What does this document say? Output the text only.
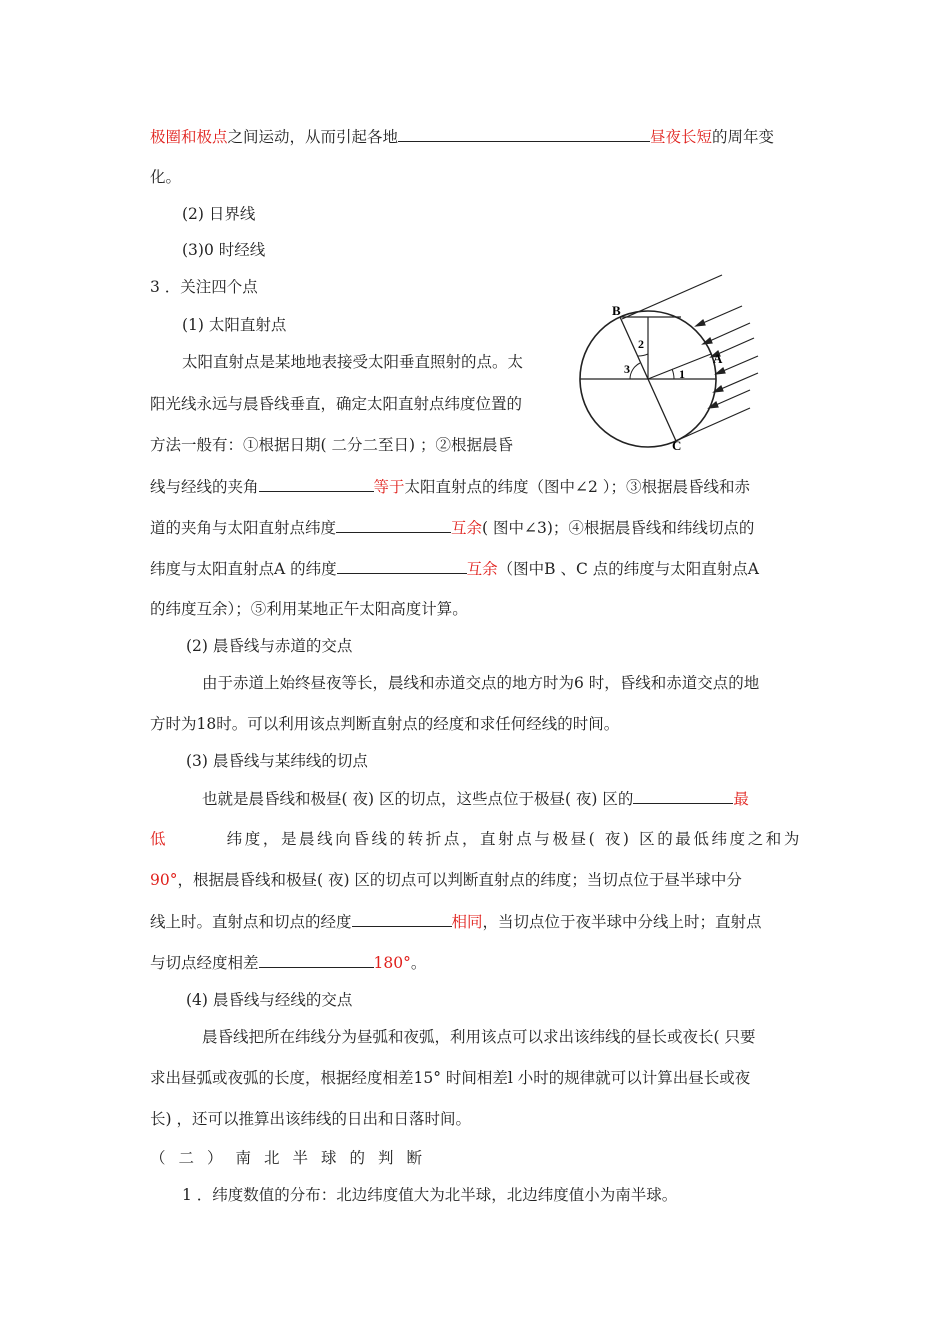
极圈和极点之间运动，从而引起各地	昼夜长短的周年变
化。
(2) 日界线
(3)0 时经线
3 ．关注四个点
(1) 太阳直射点
太阳直射点是某地地表接受太阳垂直照射的点。太
阳光线永远与晨昏线垂直，确定太阳直射点纬度位置的
方法一般有：①根据日期( 二分二至日) ；②根据晨昏
线与经线的夹角	等于太阳直射点的纬度（图中∠2 ）；③根据晨昏线和赤
道的夹角与太阳直射点纬度	互余( 图中∠3)；④根据晨昏线和纬线切点的
纬度与太阳直射点A 的纬度	互余（图中B 、C 点的纬度与太阳直射点A
的纬度互余）；⑤利用某地正午太阳高度计算。
(2) 晨昏线与赤道的交点
由于赤道上始终昼夜等长，晨线和赤道交点的地方时为6 时，昏线和赤道交点的地
方时为18时。可以利用该点判断直射点的经度和求任何经线的时间。
(3) 晨昏线与某纬线的切点
也就是晨昏线和极昼( 夜) 区的切点，这些点位于极昼( 夜) 区的	最
低	纬度，是晨线向昏线的转折点，直射点与极昼( 夜) 区的最低纬度之和为
90°，根据晨昏线和极昼( 夜) 区的切点可以判断直射点的纬度；当切点位于昼半球中分
线上时。直射点和切点的经度	相同，当切点位于夜半球中分线上时；直射点
与切点经度相差	180°。
(4) 晨昏线与经线的交点
晨昏线把所在纬线分为昼弧和夜弧，利用该点可以求出该纬线的昼长或夜长( 只要
求出昼弧或夜弧的长度，根据经度相差15° 时间相差l 小时的规律就可以计算出昼长或夜
长) ，还可以推算出该纬线的日出和日落时间。
（二）南北半球的判断
1 ．纬度数值的分布：北边纬度值大为北半球，北边纬度值小为南半球。
B
A
C
1
2
3
